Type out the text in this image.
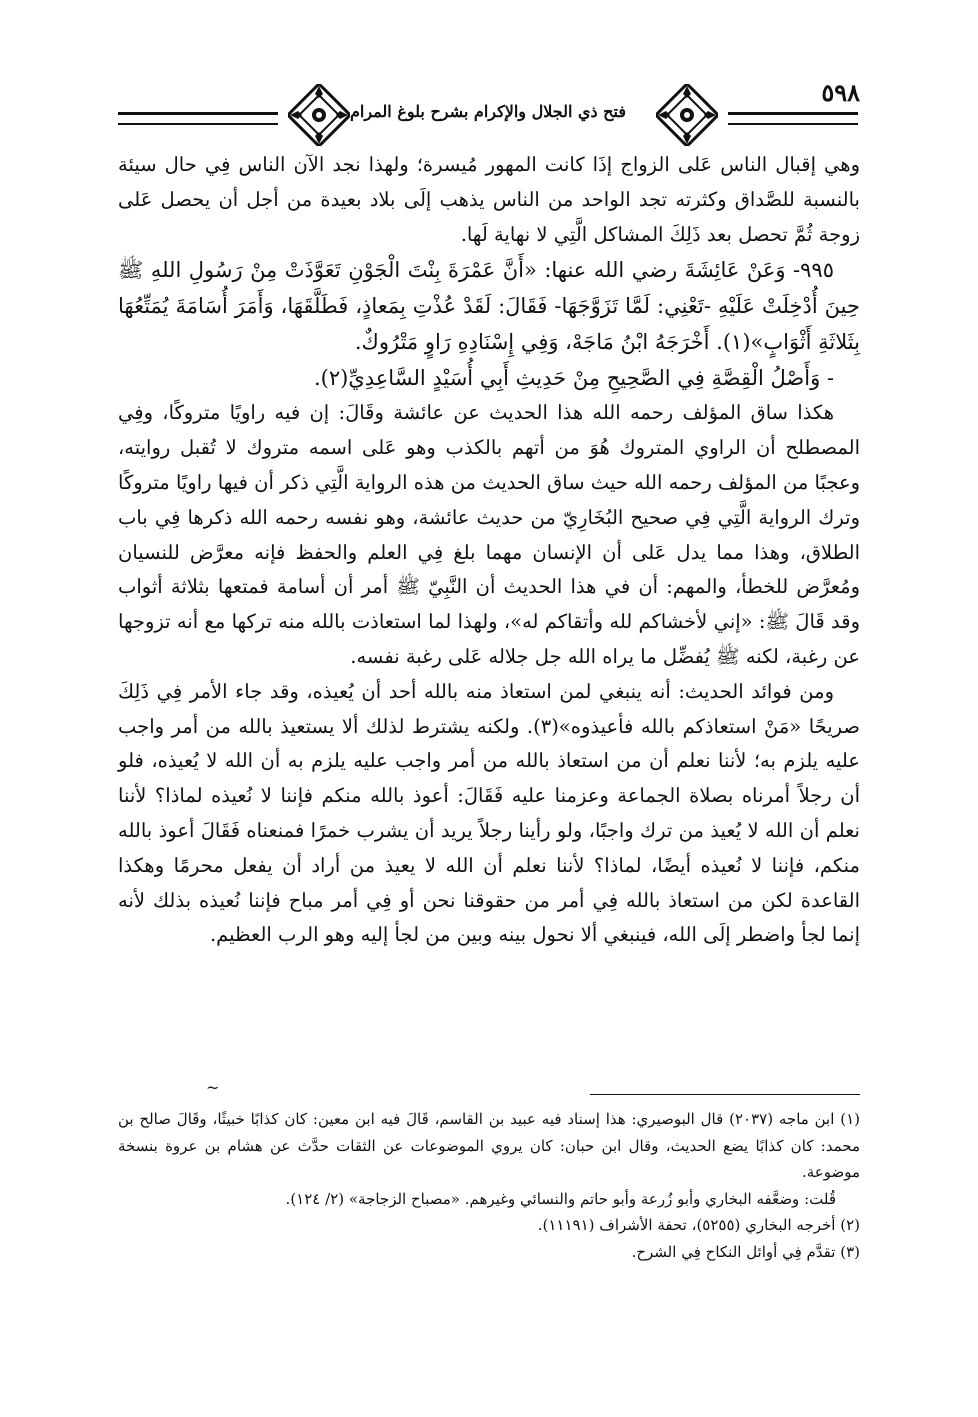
فتح ذي الجلال والإكرام بشرح بلوغ المرام
٥٩٨

وهي إقبال الناس عَلى الزواج إذَا كانت المهور مُيسرة؛ ولهذا نجد الآن الناس فِي حال سيئة بالنسبة للصَّداق وكثرته تجد الواحد من الناس يذهب إلَى بلاد بعيدة من أجل أن يحصل عَلى زوجة ثُمَّ تحصل بعد ذَلِكَ المشاكل الَّتِي لا نهاية لَها.

٩٩٥- وَعَنْ عَائِشَةَ رضي الله عنها: «أَنَّ عَمْرَةَ بِنْتَ الْجَوْنِ تَعَوَّذَتْ مِنْ رَسُولِ اللهِ ﷺ حِينَ أُدْخِلَتْ عَلَيْهِ -تَعْنِي: لَمَّا تَزَوَّجَهَا- فَقَالَ: لَقَدْ عُذْتِ بِمَعاذٍ، فَطَلَّقَهَا، وَأَمَرَ أُسَامَةَ يُمَتِّعُهَا بِثَلاثَةِ أَثْوَابٍ»(١). أَخْرَجَهُ ابْنُ مَاجَهْ، وَفِي إِسْنَادِهِ رَاوٍ مَتْرُوكٌ.

- وَأَصْلُ الْقِصَّةِ فِي الصَّحِيحِ مِنْ حَدِيثِ أَبِي أُسَيْدٍ السَّاعِدِيِّ(٢).

هكذا ساق المؤلف رحمه الله هذا الحديث عن عائشة وقَالَ: إن فيه راويًا متروكًا، وفِي المصطلح أن الراوي المتروك هُوَ من أتهم بالكذب وهو عَلى اسمه متروك لا تُقبل روايته، وعجبًا من المؤلف رحمه الله حيث ساق الحديث من هذه الرواية الَّتِي ذكر أن فيها راويًا متروكًا وترك الرواية الَّتِي فِي صحيح البُخَارِيّ من حديث عائشة، وهو نفسه رحمه الله ذكرها فِي باب الطلاق، وهذا مما يدل عَلى أن الإنسان مهما بلغ فِي العلم والحفظ فإنه معرَّض للنسيان ومُعرَّض للخطأ، والمهم: أن في هذا الحديث أن النَّبِيّ ﷺ أمر أن أسامة فمتعها بثلاثة أثواب وقد قَالَ ﷺ: «إني لأخشاكم لله وأتقاكم له»، ولهذا لما استعاذت بالله منه تركها مع أنه تزوجها عن رغبة، لكنه ﷺ يُفضِّل ما يراه الله جل جلاله عَلى رغبة نفسه.

ومن فوائد الحديث: أنه ينبغي لمن استعاذ منه بالله أحد أن يُعيذه، وقد جاء الأمر فِي ذَلِكَ صريحًا «مَنْ استعاذكم بالله فأعيذوه»(٣). ولكنه يشترط لذلك ألا يستعيذ بالله من أمر واجب عليه يلزم به؛ لأننا نعلم أن من استعاذ بالله من أمر واجب عليه يلزم به أن الله لا يُعيذه، فلو أن رجلاً أمرناه بصلاة الجماعة وعزمنا عليه فَقَالَ: أعوذ بالله منكم فإننا لا نُعيذه لماذا؟ لأننا نعلم أن الله لا يُعيذ من ترك واجبًا، ولو رأينا رجلاً يريد أن يشرب خمرًا فمنعناه فَقَالَ أعوذ بالله منكم، فإننا لا نُعيذه أيضًا، لماذا؟ لأننا نعلم أن الله لا يعيذ من أراد أن يفعل محرمًا وهكذا القاعدة لكن من استعاذ بالله فِي أمر من حقوقنا نحن أو فِي أمر مباح فإننا نُعيذه بذلك لأنه إنما لجأ واضطر إلَى الله، فينبغي ألا نحول بينه وبين من لجأ إليه وهو الرب العظيم.

~

(١) ابن ماجه (٢٠٣٧) قال البوصيري: هذا إسناد فيه عبيد بن القاسم، قَالَ فيه ابن معين: كان كذابًا خبيثًا، وقَالَ صالح بن محمد: كان كذابًا يضع الحديث، وقال ابن حبان: كان يروي الموضوعات عن الثقات حدَّث عن هشام بن عروة بنسخة موضوعة.

قُلت: وضعَّفه البخاري وأبو زُرعة وأبو حاتم والنسائي وغيرهم. «مصباح الزجاجة» (٢/ ١٢٤).

(٢) أخرجه البخاري (٥٢٥٥)، تحفة الأشراف (١١١٩١).

(٣) تقدَّم فِي أوائل النكاح فِي الشرح.
